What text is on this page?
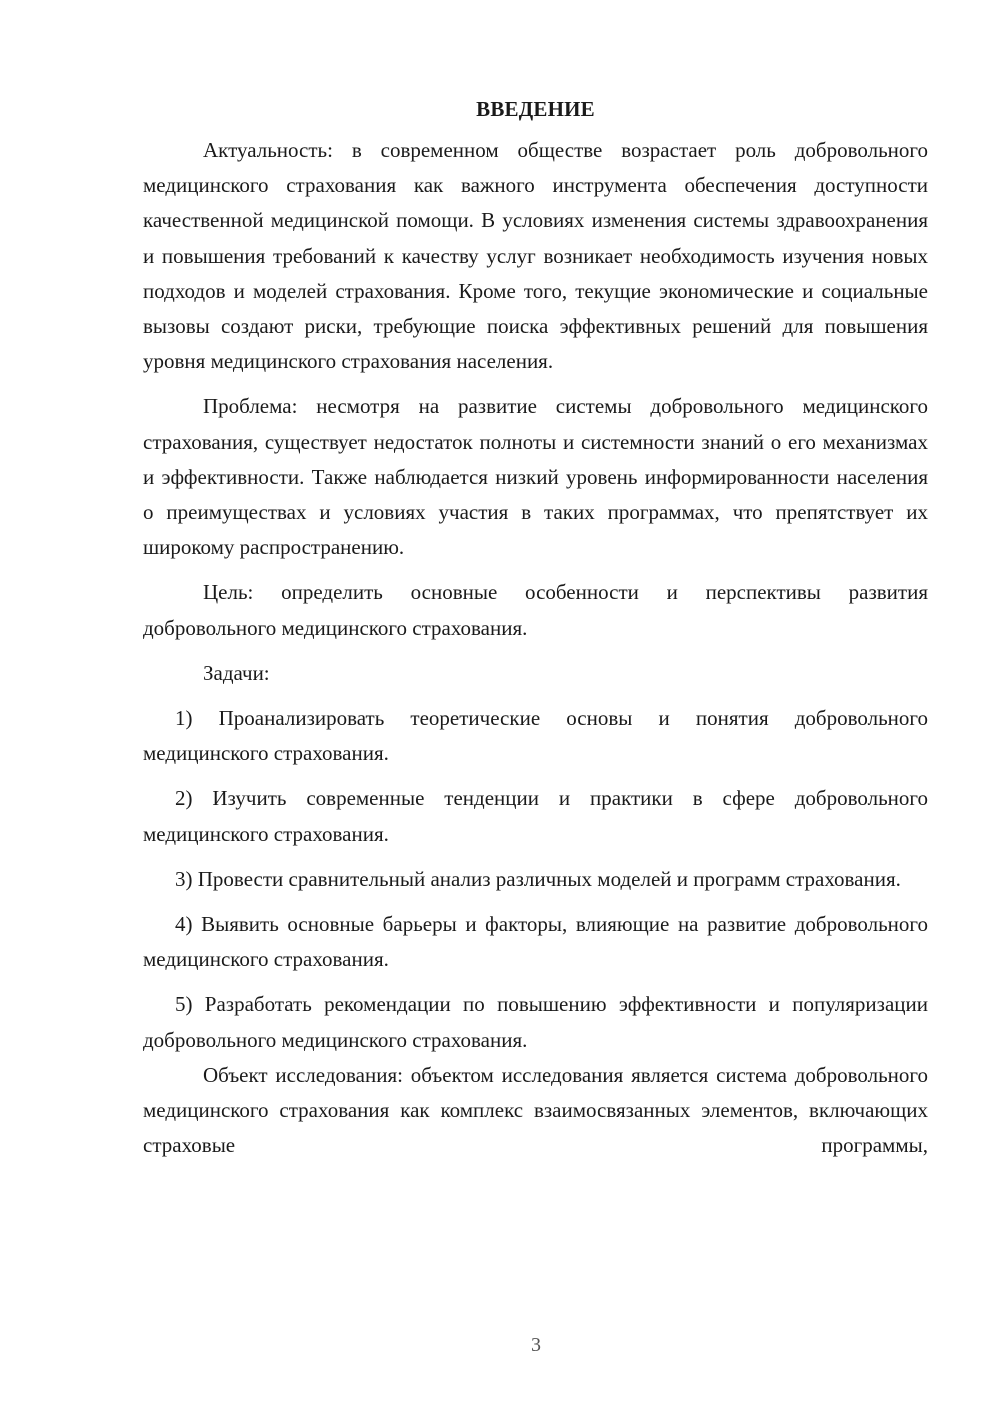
ВВЕДЕНИЕ

Актуальность: в современном обществе возрастает роль добровольного медицинского страхования как важного инструмента обеспечения доступности качественной медицинской помощи. В условиях изменения системы здравоохранения и повышения требований к качеству услуг возникает необходимость изучения новых подходов и моделей страхования. Кроме того, текущие экономические и социальные вызовы создают риски, требующие поиска эффективных решений для повышения уровня медицинского страхования населения.

Проблема: несмотря на развитие системы добровольного медицинского страхования, существует недостаток полноты и системности знаний о его механизмах и эффективности. Также наблюдается низкий уровень информированности населения о преимуществах и условиях участия в таких программах, что препятствует их широкому распространению.

Цель: определить основные особенности и перспективы развития добровольного медицинского страхования.

Задачи:

1) Проанализировать теоретические основы и понятия добровольного медицинского страхования.

2) Изучить современные тенденции и практики в сфере добровольного медицинского страхования.

3) Провести сравнительный анализ различных моделей и программ страхования.

4) Выявить основные барьеры и факторы, влияющие на развитие добровольного медицинского страхования.

5) Разработать рекомендации по повышению эффективности и популяризации добровольного медицинского страхования.

Объект исследования: объектом исследования является система добровольного медицинского страхования как комплекс взаимосвязанных элементов, включающих страховые программы,

3
